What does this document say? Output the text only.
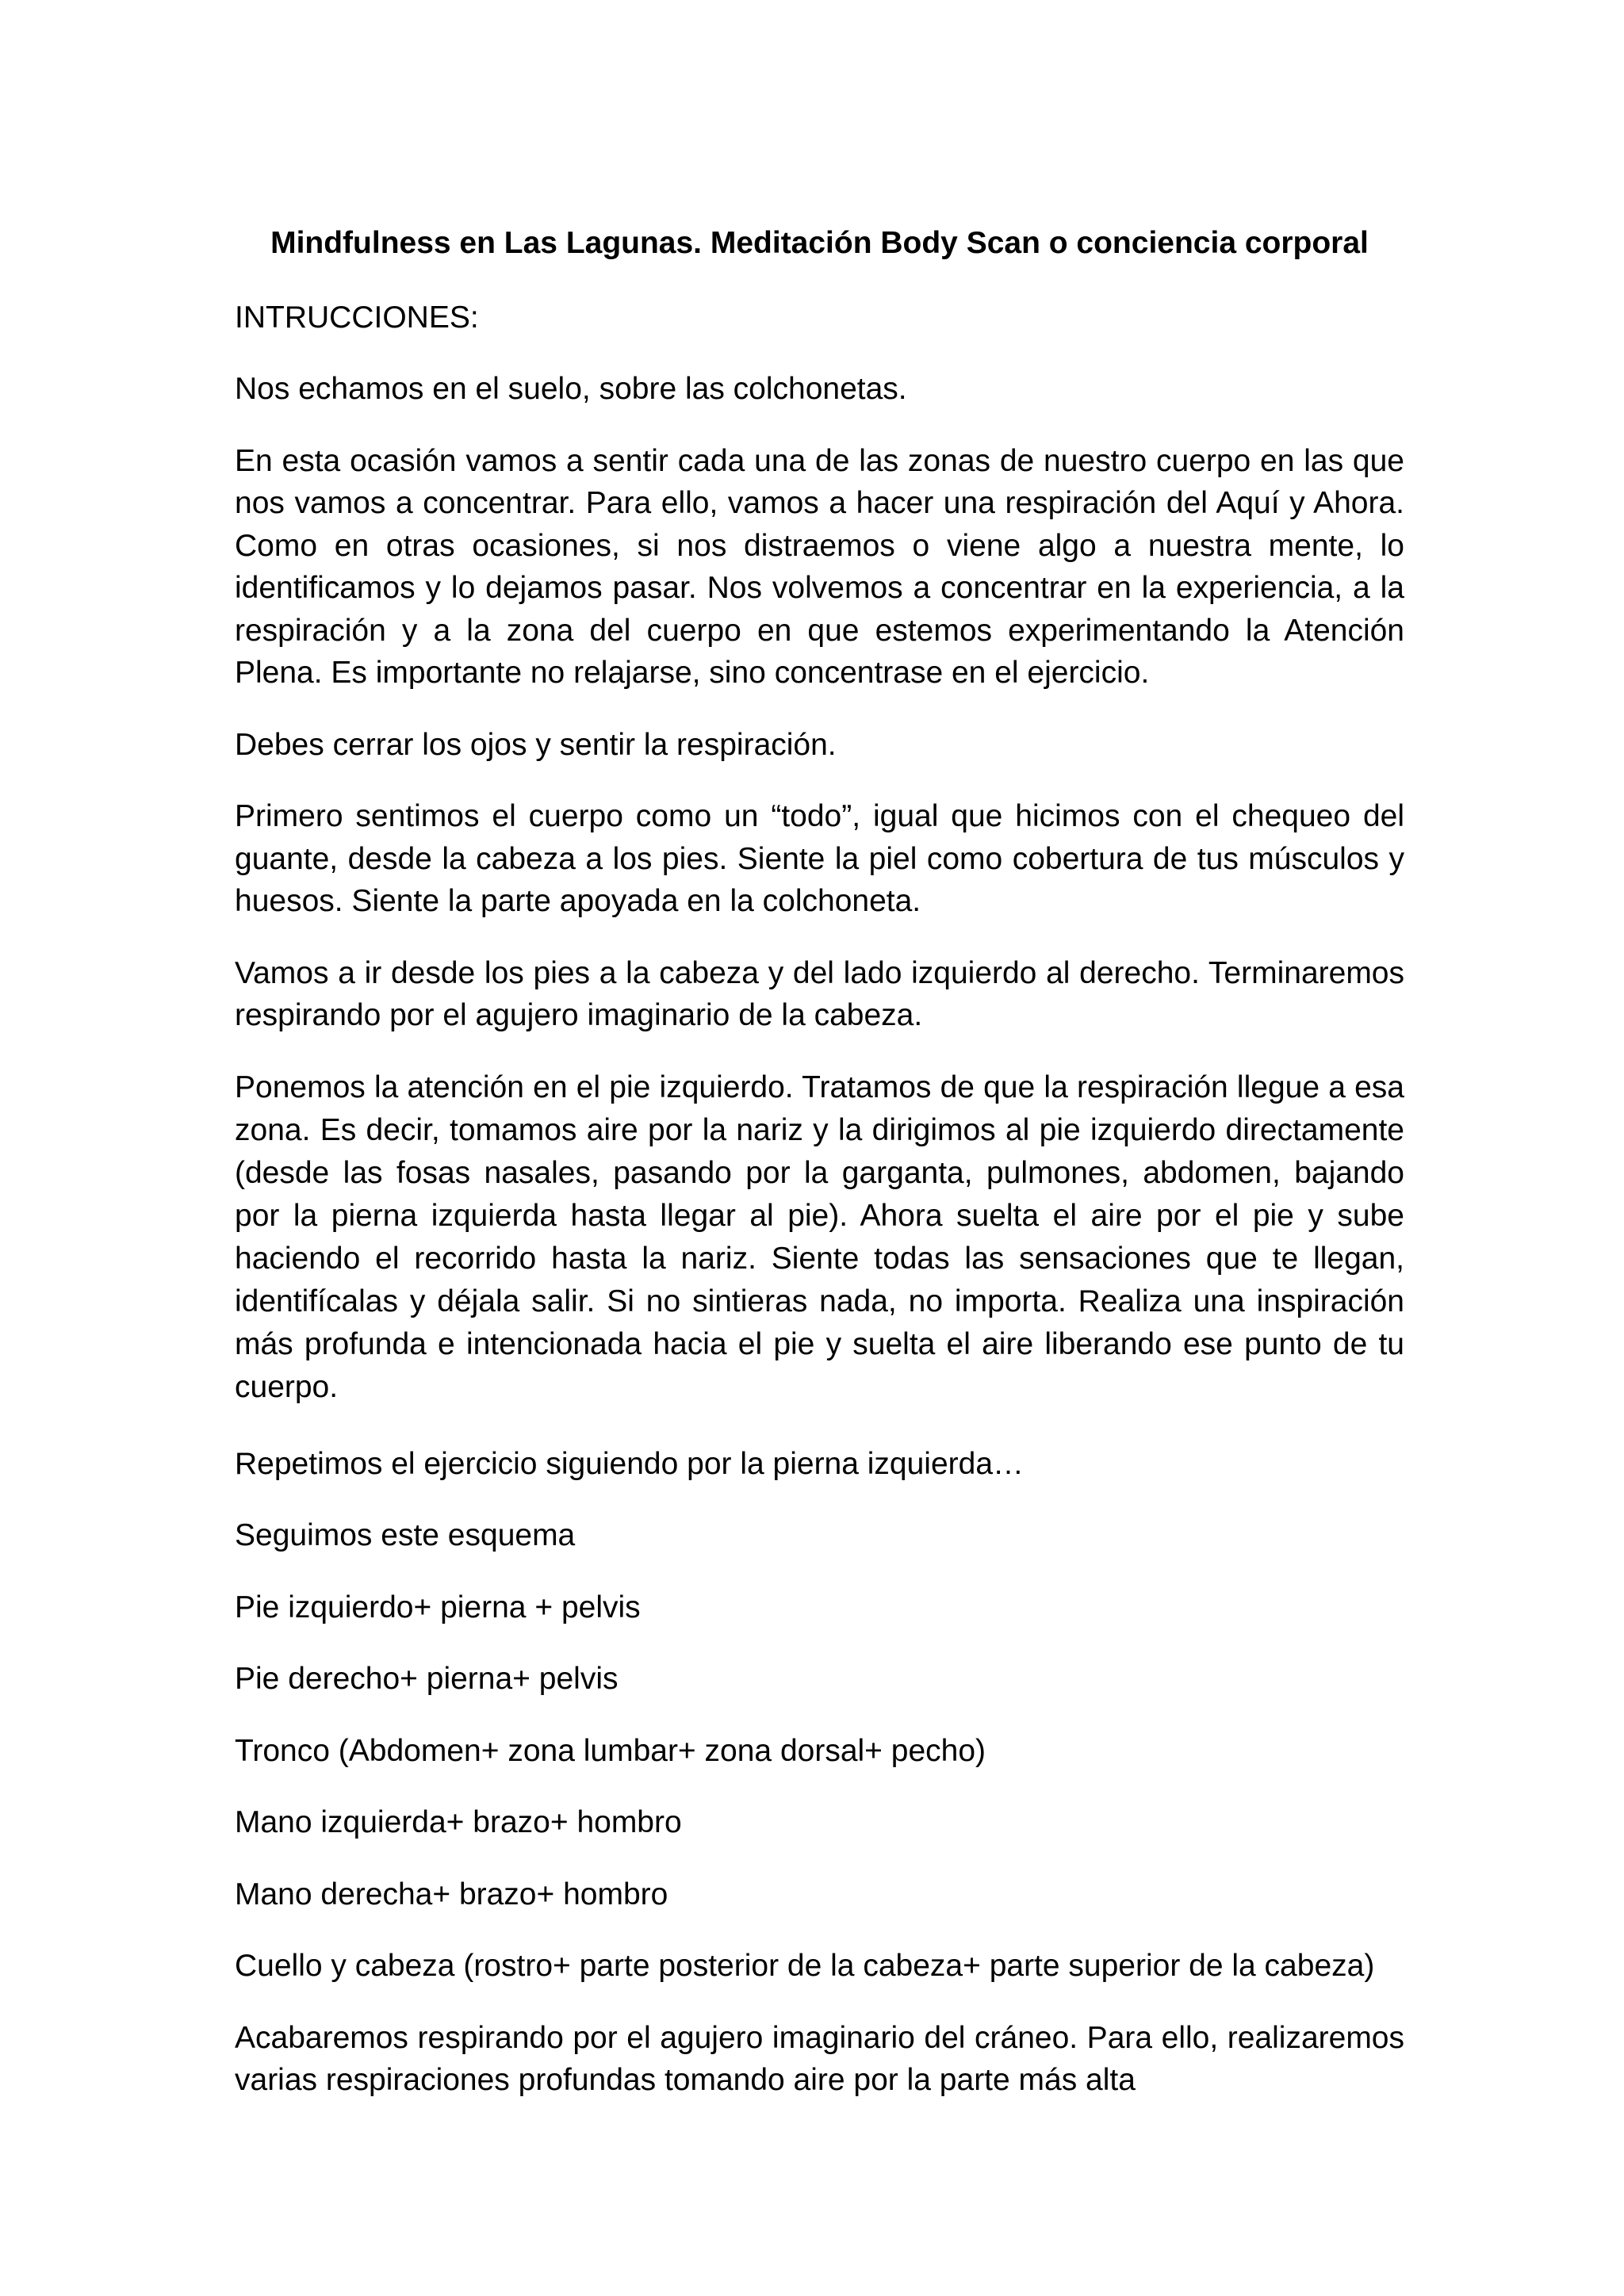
Mindfulness en Las Lagunas. Meditación Body Scan o conciencia corporal
INTRUCCIONES:
Nos echamos en el suelo, sobre las colchonetas.
En esta ocasión vamos a sentir cada una de las zonas de nuestro cuerpo en las que nos vamos a concentrar. Para ello, vamos a hacer una respiración del Aquí y Ahora. Como en otras ocasiones, si nos distraemos o viene algo a nuestra mente, lo identificamos y lo dejamos pasar. Nos volvemos a concentrar en la experiencia, a la respiración y a la zona del cuerpo en que estemos experimentando la Atención Plena. Es importante no relajarse, sino concentrase en el ejercicio.
Debes cerrar los ojos y sentir la respiración.
Primero sentimos el cuerpo como un “todo”, igual que hicimos con el chequeo del guante, desde la cabeza a los pies. Siente la piel como cobertura de tus músculos y huesos. Siente la parte apoyada en la colchoneta.
Vamos a ir desde los pies a la cabeza y del lado izquierdo al derecho. Terminaremos respirando por el agujero imaginario de la cabeza.
Ponemos la atención en el pie izquierdo. Tratamos de que la respiración llegue a esa zona. Es decir, tomamos aire por la nariz y la dirigimos al pie izquierdo directamente (desde las fosas nasales, pasando por la garganta, pulmones, abdomen, bajando por la pierna izquierda hasta llegar al pie). Ahora suelta el aire por el pie y sube haciendo el recorrido hasta la nariz. Siente todas las sensaciones que te llegan, identifícalas y déjala salir. Si no sintieras nada, no importa. Realiza una inspiración más profunda e intencionada hacia el pie y suelta el aire liberando ese punto de tu cuerpo.
Repetimos el ejercicio siguiendo por la pierna izquierda…
Seguimos este esquema
Pie izquierdo+ pierna + pelvis
Pie derecho+ pierna+ pelvis
Tronco (Abdomen+ zona lumbar+ zona dorsal+ pecho)
Mano izquierda+ brazo+ hombro
Mano derecha+ brazo+ hombro
Cuello y cabeza (rostro+ parte posterior de la cabeza+ parte superior de la cabeza)
Acabaremos respirando por el agujero imaginario del cráneo. Para ello, realizaremos varias respiraciones profundas tomando aire por la parte más alta
